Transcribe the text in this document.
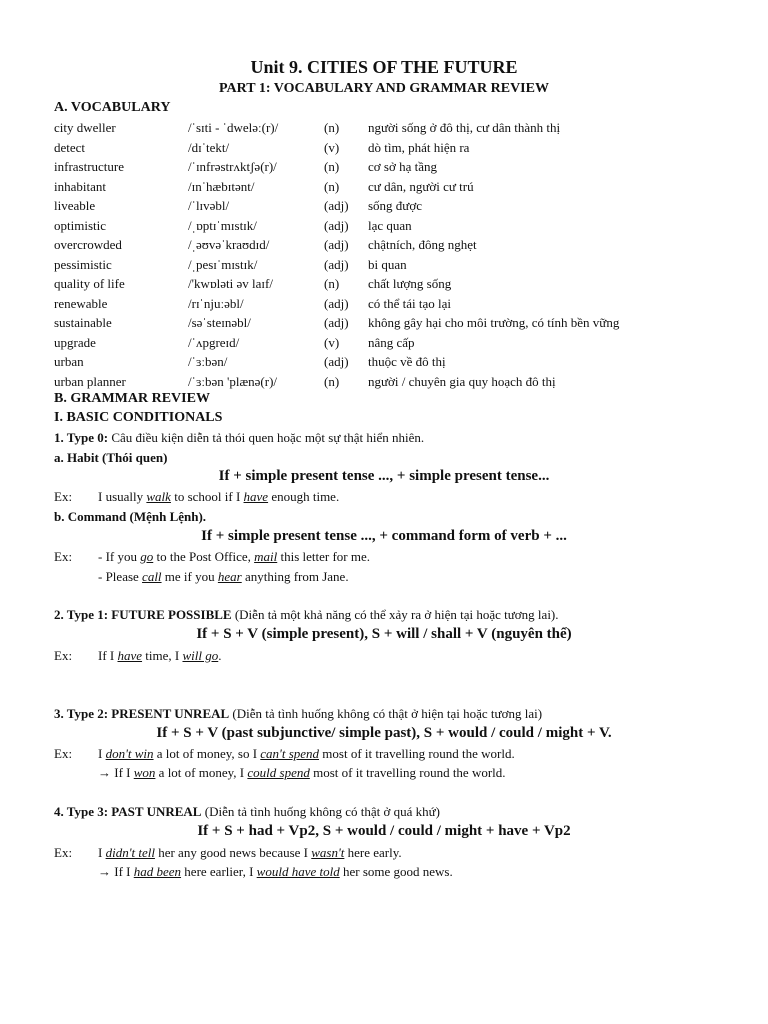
Unit 9. CITIES OF THE FUTURE
PART 1: VOCABULARY AND GRAMMAR REVIEW
A. VOCABULARY
city dweller	/ˈsɪti - ˈdweləː(r)/	(n) người sống ở đô thị, cư dân thành thị
detect	/dɪˈtekt/	(v) dò tìm, phát hiện ra
infrastructure	/ˈɪnfrəstrʌktʃə(r)/	(n) cơ sở hạ tầng
inhabitant	/ɪnˈhæbɪtənt/	(n) cư dân, người cư trú
liveable	/ˈlɪvəbl/	(adj) sống được
optimistic	/ˌɒptɪˈmɪstɪk/	(adj) lạc quan
overcrowded	/ˌəʊvəˈkraʊdɪd/	(adj) chậtních, đông nghẹt
pessimistic	/ˌpesɪˈmɪstɪk/	(adj) bi quan
quality of life	/'kwɒləti əv laɪf/	(n) chất lượng sống
renewable	/rɪˈnjuːəbl/	(adj) có thể tái tạo lại
sustainable	/səˈsteɪnəbl/	(adj) không gây hại cho môi trường, có tính bền vững
upgrade	/ˈʌpgreɪd/	(v) nâng cấp
urban	/ˈɜːbən/	(adj) thuộc về đô thị
urban planner	/ˈɜːbən 'plænə(r)/	(n) người / chuyên gia quy hoạch đô thị
B. GRAMMAR REVIEW
I. BASIC CONDITIONALS
1. Type 0: Câu điều kiện diễn tả thói quen hoặc một sự thật hiển nhiên.
a. Habit (Thói quen)
If + simple present tense ..., + simple present tense...
Ex: I usually walk to school if I have enough time.
b. Command (Mệnh Lệnh).
If + simple present tense ..., + command form of verb + ...
Ex: - If you go to the Post Office, mail this letter for me.
- Please call me if you hear anything from Jane.
2. Type 1: FUTURE POSSIBLE (Diễn tả một khả năng có thể xảy ra ở hiện tại hoặc tương lai).
If + S + V (simple present), S + will / shall + V (nguyên thể)
Ex: If I have time, I will go.
3. Type 2: PRESENT UNREAL (Diễn tả tình huống không có thật ở hiện tại hoặc tương lai)
If + S + V (past subjunctive/ simple past), S + would / could / might + V.
Ex: I don't win a lot of money, so I can't spend most of it travelling round the world.
→ If I won a lot of money, I could spend most of it travelling round the world.
4. Type 3: PAST UNREAL (Diễn tả tình huống không có thật ở quá khứ)
If + S + had + Vp2, S + would / could / might + have + Vp2
Ex: I didn't tell her any good news because I wasn't here early.
→ If I had been here earlier, I would have told her some good news.
